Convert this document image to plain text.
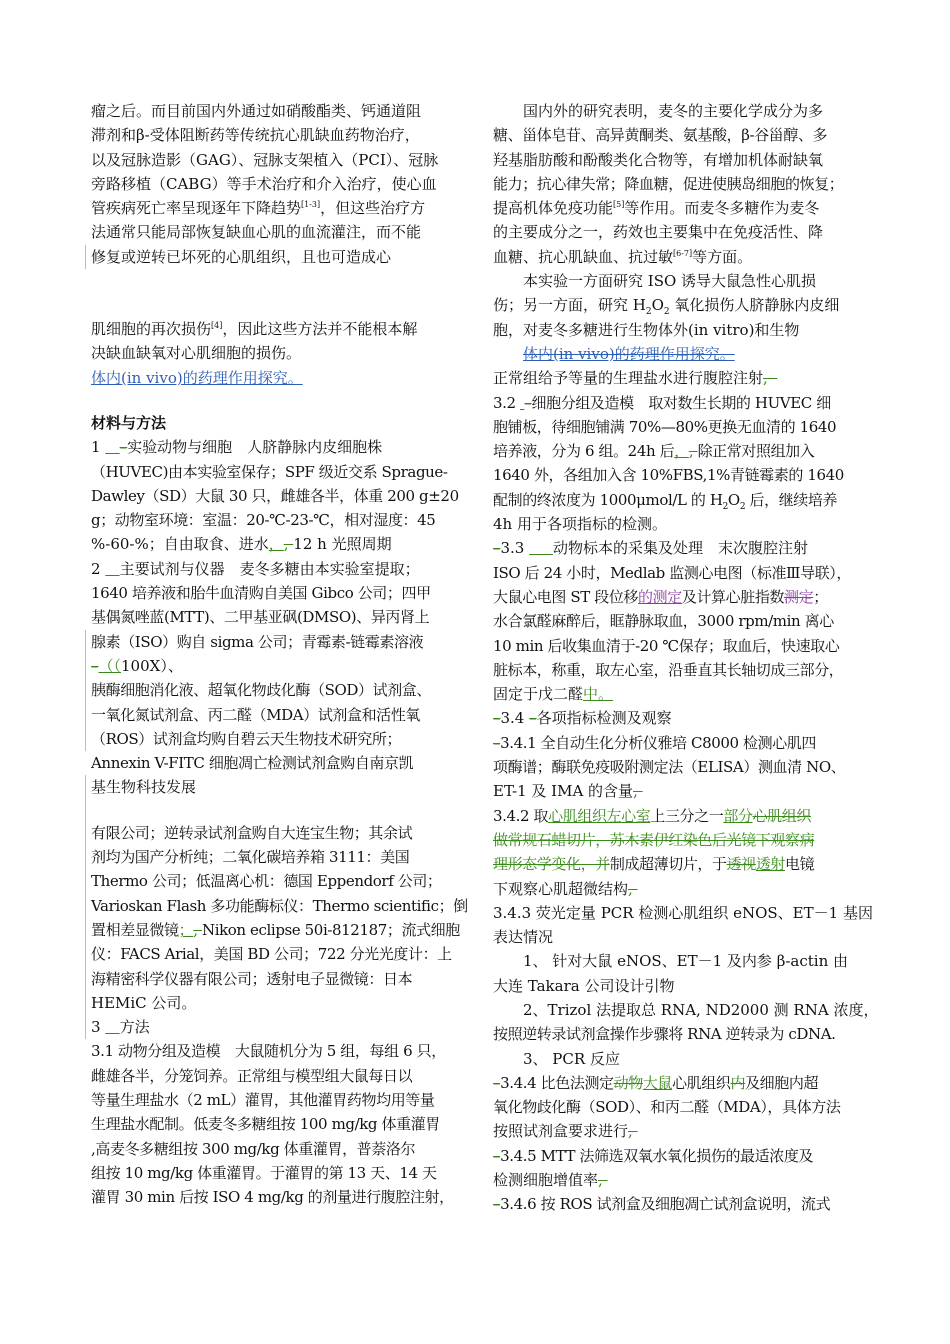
瘤之后。而目前国内外通过如硝酸酯类、钙通道阻
滞剂和β-受体阻断药等传统抗心肌缺血药物治疗，
以及冠脉造影（GAG）、冠脉支架植入（PCI）、冠脉
旁路移植（CABG）等手术治疗和介入治疗，使心血
管疾病死亡率呈现逐年下降趋势[1-3]，但这些治疗方
法通常只能局部恢复缺血心肌的血流灌注，而不能
修复或逆转已坏死的心肌组织，且也可造成心
肌细胞的再次损伤[4]，因此这些方法并不能根本解
决缺血缺氧对心肌细胞的损伤。
体内(in vivo)的药理作用探究。
材料与方法
1    –实验动物与细胞　人脐静脉内皮细胞株
（HUVEC)由本实验室保存；SPF 级近交系 Sprague-
Dawley（SD）大鼠 30 只，雌雄各半，体重 200 g±20
g；动物室环境：室温：20-℃-23-℃，相对湿度：45
%-60-%；自由取食、进水，, 12 h 光照周期
2    主要试剂与仪器　麦冬多糖由本实验室提取；
1640 培养液和胎牛血清购自美国 Gibco 公司；四甲
基偶氮唑蓝(MTT)、二甲基亚砜(DMSO)、异丙肾上
腺素（ISO）购自 sigma 公司；青霉素-链霉素溶液
–（（100X）、
胰酶细胞消化液、超氧化物歧化酶（SOD）试剂盒、
一氧化氮试剂盒、丙二醛（MDA）试剂盒和活性氧
（ROS）试剂盒均购自碧云天生物技术研究所；
Annexin V-FITC 细胞凋亡检测试剂盒购自南京凯
基生物科技发展
有限公司；逆转录试剂盒购自大连宝生物；其余试
剂均为国产分析纯；二氧化碳培养箱 3111：美国
Thermo 公司；低温离心机：德国 Eppendorf 公司；
Varioskan Flash 多功能酶标仪：Thermo scientific；倒
置相差显微镜；, Nikon eclipse 50i-812187；流式细胞
仪：FACS Arial，美国 BD 公司；722 分光光度计：上
海精密科学仪器有限公司；透射电子显微镜：日本
HEMiC 公司。
3    方法
3.1 动物分组及造模　大鼠随机分为 5 组，每组 6 只，
雌雄各半，分笼饲养。正常组与模型组大鼠每日以
等量生理盐水（2 mL）灌胃，其他灌胃药物均用等量
生理盐水配制。低麦冬多糖组按 100 mg/kg 体重灌胃
,高麦冬多糖组按 300 mg/kg 体重灌胃，普萘洛尔
组按 10 mg/kg 体重灌胃。于灌胃的第 13 天、14 天
灌胃 30 min 后按 ISO 4 mg/kg 的剂量进行腹腔注射，
国内外的研究表明，麦冬的主要化学成分为多
糖、甾体皂苷、高异黄酮类、氨基酸，β-谷甾醇、多
羟基脂肪酸和酚酸类化合物等，有增加机体耐缺氧
能力；抗心律失常；降血糖，促进使胰岛细胞的恢复；
提高机体免疫功能[5]等作用。而麦冬多糖作为麦冬
的主要成分之一，药效也主要集中在免疫活性、降
血糖、抗心肌缺血、抗过敏[6-7]等方面。
本实验一方面研究 ISO 诱导大鼠急性心肌损
伤；另一方面，研究 $H_2O_2$ 氧化损伤人脐静脉内皮细
胞，对麦冬多糖进行生物体外(in vitro)和生物
体内(in vivo)的药理作用探究。
正常组给予等量的生理盐水进行腹腔注射,
3.2  –细胞分组及造模　取对数生长期的 HUVEC 细
胞铺板，待细胞铺满 70%—80%更换无血清的 1640
培养液，分为 6 组。24h 后，, 除正常对照组加入
1640 外，各组加入含 10%FBS,1%青链霉素的 1640
配制的终浓度为 1000μmol/L 的 $H_2O_2$ 后，继续培养
4h 用于各项指标的检测。
–3.3      动物标本的采集及处理　末次腹腔注射
ISO 后 24 小时，Medlab 监测心电图（标准Ⅲ导联），
大鼠心电图 ST 段位移的测定及计算心脏指数测定；
水合氯醛麻醉后，眶静脉取血，3000 rpm/min 离心
10 min 后收集血清于-20 ℃保存；取血后，快速取心
脏标本，称重，取左心室，沿垂直其长轴切成三部分，
固定于戊二醛中。
–3.4 –各项指标检测及观察
–3.4.1 全自动生化分析仪雅培 C8000 检测心肌四
项酶谱；酶联免疫吸附测定法（ELISA）测血清 NO、
ET-1 及 IMA 的含量,
3.4.2 取心肌组织左心室上三分之一部分心肌组织
做常规石蜡切片，苏木素伊红染色后光镜下观察病
理形态学变化，并制成超薄切片，于透视透射电镜
下观察心肌超微结构,
3.4.3 荧光定量 PCR 检测心肌组织 eNOS、ET－1 基因
表达情况
1、 针对大鼠 eNOS、ET－1 及内参 β-actin 由
大连 Takara 公司设计引物
2、Trizol 法提取总 RNA, ND2000 测 RNA 浓度，
按照逆转录试剂盒操作步骤将 RNA 逆转录为 cDNA.
3、 PCR 反应
–3.4.4 比色法测定动物大鼠心肌组织内及细胞内超
氧化物歧化酶（SOD）、和丙二醛（MDA），具体方法
按照试剂盒要求进行,
–3.4.5 MTT 法筛选双氧水氧化损伤的最适浓度及
检测细胞增值率,
–3.4.6 按 ROS 试剂盒及细胞凋亡试剂盒说明，流式
